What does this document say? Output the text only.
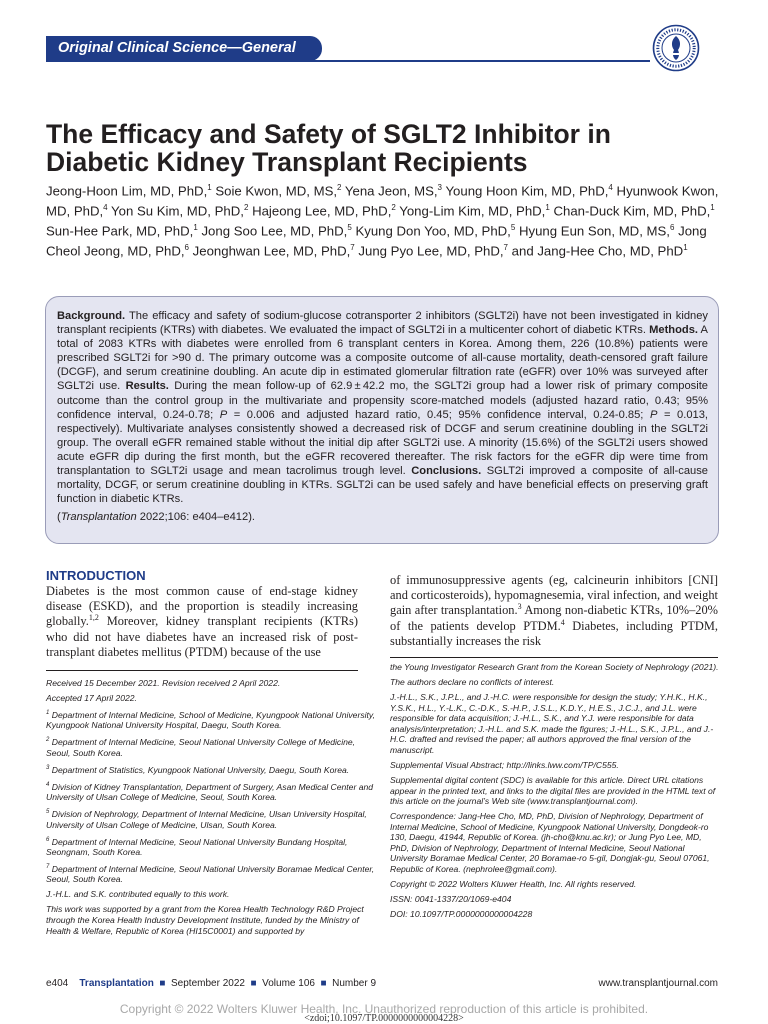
Original Clinical Science—General
The Efficacy and Safety of SGLT2 Inhibitor in
Diabetic Kidney Transplant Recipients
Jeong-Hoon Lim, MD, PhD,$^1$ Soie Kwon, MD, MS,$^2$ Yena Jeon, MS,$^3$ Young Hoon Kim, MD, PhD,$^4$ Hyunwook Kwon, MD, PhD,$^4$ Yon Su Kim, MD, PhD,$^2$ Hajeong Lee, MD, PhD,$^2$ Yong-Lim Kim, MD, PhD,$^1$ Chan-Duck Kim, MD, PhD,$^1$ Sun-Hee Park, MD, PhD,$^1$ Jong Soo Lee, MD, PhD,$^5$ Kyung Don Yoo, MD, PhD,$^5$ Hyung Eun Son, MD, MS,$^6$ Jong Cheol Jeong, MD, PhD,$^6$ Jeonghwan Lee, MD, PhD,$^7$ Jung Pyo Lee, MD, PhD,$^7$ and Jang-Hee Cho, MD, PhD$^1$
Background. The efficacy and safety of sodium-glucose cotransporter 2 inhibitors (SGLT2i) have not been investigated in kidney transplant recipients (KTRs) with diabetes. We evaluated the impact of SGLT2i in a multicenter cohort of diabetic KTRs. Methods. A total of 2083 KTRs with diabetes were enrolled from 6 transplant centers in Korea. Among them, 226 (10.8%) patients were prescribed SGLT2i for >90 d. The primary outcome was a composite outcome of all-cause mortality, death-censored graft failure (DCGF), and serum creatinine doubling. An acute dip in estimated glomerular filtration rate (eGFR) over 10% was surveyed after SGLT2i use. Results. During the mean follow-up of 62.9 ± 42.2 mo, the SGLT2i group had a lower risk of primary composite outcome than the control group in the multivariate and propensity score-matched models (adjusted hazard ratio, 0.43; 95% confidence interval, 0.24-0.78; P = 0.006 and adjusted hazard ratio, 0.45; 95% confidence interval, 0.24-0.85; P = 0.013, respectively). Multivariate analyses consistently showed a decreased risk of DCGF and serum creatinine doubling in the SGLT2i group. The overall eGFR remained stable without the initial dip after SGLT2i use. A minority (15.6%) of the SGLT2i users showed acute eGFR dip during the first month, but the eGFR recovered thereafter. The risk factors for the eGFR dip were time from transplantation to SGLT2i usage and mean tacrolimus trough level. Conclusions. SGLT2i improved a composite of all-cause mortality, DCGF, or serum creatinine doubling in KTRs. SGLT2i can be used safely and have beneficial effects on preserving graft function in diabetic KTRs.
(Transplantation 2022;106: e404–e412).
INTRODUCTION
Diabetes is the most common cause of end-stage kidney disease (ESKD), and the proportion is steadily increasing globally.$^{1,2}$ Moreover, kidney transplant recipients (KTRs) who did not have diabetes have an increased risk of post-transplant diabetes mellitus (PTDM) because of the use
of immunosuppressive agents (eg, calcineurin inhibitors [CNI] and corticosteroids), hypomagnesemia, viral infection, and weight gain after transplantation.$^3$ Among non-diabetic KTRs, 10%–20% of the patients develop PTDM.$^4$ Diabetes, including PTDM, substantially increases the risk

Received 15 December 2021. Revision received 2 April 2022.

Accepted 17 April 2022.

$^1$ Department of Internal Medicine, School of Medicine, Kyungpook National University, Kyungpook National University Hospital, Daegu, South Korea.

$^2$ Department of Internal Medicine, Seoul National University College of Medicine, Seoul, South Korea.

$^3$ Department of Statistics, Kyungpook National University, Daegu, South Korea.

$^4$ Division of Kidney Transplantation, Department of Surgery, Asan Medical Center and University of Ulsan College of Medicine, Seoul, South Korea.

$^5$ Division of Nephrology, Department of Internal Medicine, Ulsan University Hospital, University of Ulsan College of Medicine, Ulsan, South Korea.

$^6$ Department of Internal Medicine, Seoul National University Bundang Hospital, Seongnam, South Korea.

$^7$ Department of Internal Medicine, Seoul National University Boramae Medical Center, Seoul, South Korea.

J.-H.L. and S.K. contributed equally to this work.

This work was supported by a grant from the Korea Health Technology R&D Project through the Korea Health Industry Development Institute, funded by the Ministry of Health & Welfare, Republic of Korea (HI15C0001) and supported by

the Young Investigator Research Grant from the Korean Society of Nephrology (2021).

The authors declare no conflicts of interest.

J.-H.L., S.K., J.P.L., and J.-H.C. were responsible for design the study; Y.H.K., H.K., Y.S.K., H.L., Y.-L.K., C.-D.K., S.-H.P., J.S.L., K.D.Y., H.E.S., J.C.J., and J.L. were responsible for data acquisition; J.-H.L., S.K., and Y.J. were responsible for data analysis/interpretation; J.-H.L. and S.K. made the figures; J.-H.L., S.K., J.P.L., and J.-H.C. drafted and revised the paper; all authors approved the final version of the manuscript.

Supplemental Visual Abstract; http://links.lww.com/TP/C555.

Supplemental digital content (SDC) is available for this article. Direct URL citations appear in the printed text, and links to the digital files are provided in the HTML text of this article on the journal’s Web site (www.transplantjournal.com).

Correspondence: Jang-Hee Cho, MD, PhD, Division of Nephrology, Department of Internal Medicine, School of Medicine, Kyungpook National University, Dongdeok-ro 130, Daegu, 41944, Republic of Korea. (jh-cho@knu.ac.kr); or Jung Pyo Lee, MD, PhD, Division of Nephrology, Department of Internal Medicine, Seoul National University Boramae Medical Center, 20 Boramae-ro 5-gil, Dongjak-gu, Seoul 07061, Republic of Korea. (nephrolee@gmail.com).

Copyright © 2022 Wolters Kluwer Health, Inc. All rights reserved.

ISSN: 0041-1337/20/1069-e404

DOI: 10.1097/TP.0000000000004228

e404 Transplantation  ■  September 2022  ■  Volume 106  ■  Number 9	www.transplantjournal.com
Copyright © 2022 Wolters Kluwer Health, Inc. Unauthorized reproduction of this article is prohibited.
<zdoi;10.1097/TP.0000000000004228>
